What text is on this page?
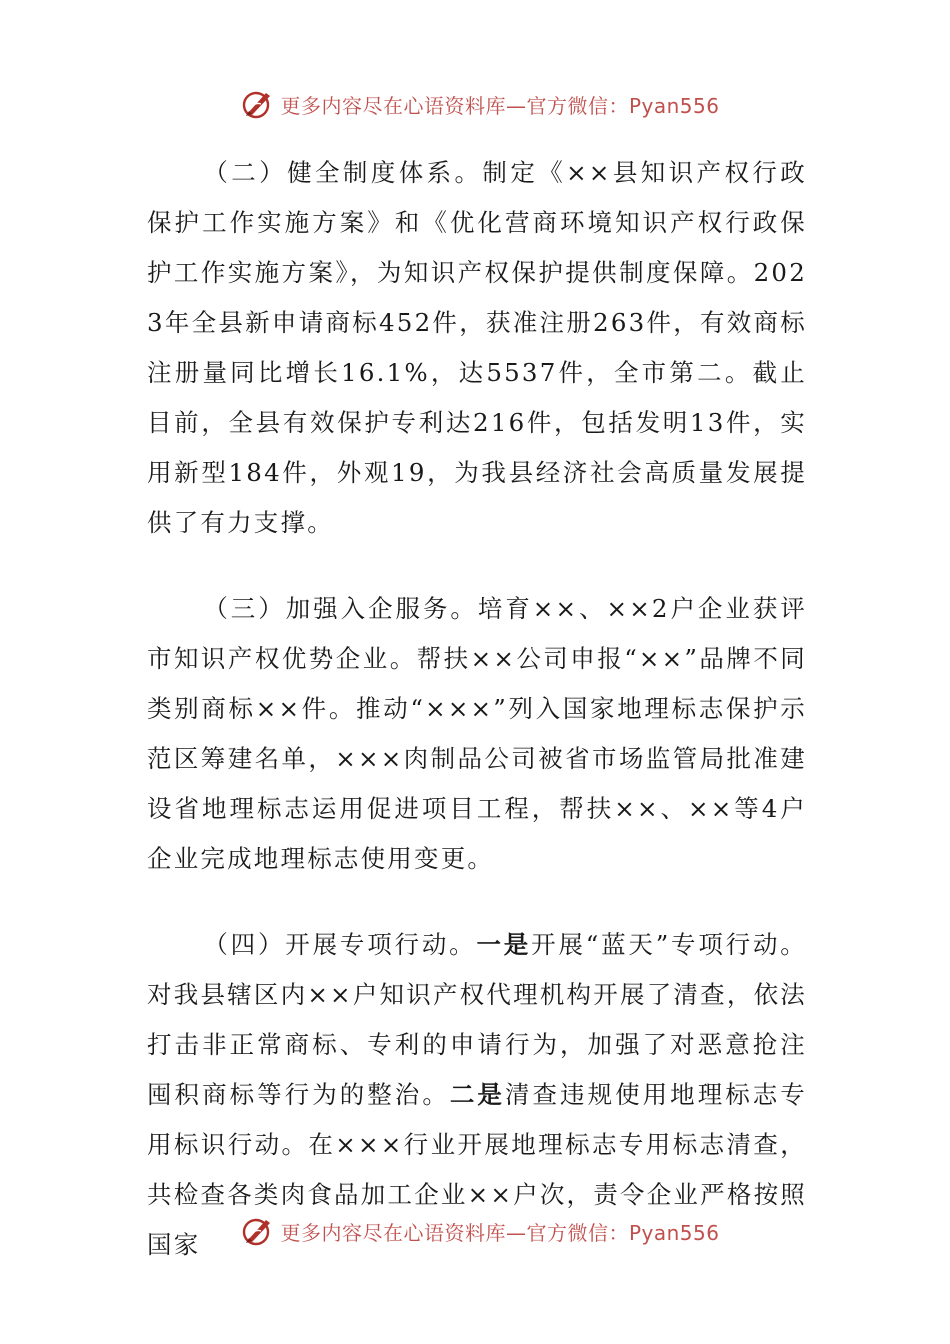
更多内容尽在心语资料库—官方微信：Pyan556

（二）健全制度体系。制定《××县知识产权行政保护工作实施方案》和《优化营商环境知识产权行政保护工作实施方案》，为知识产权保护提供制度保障。2023年全县新申请商标452件，获准注册263件，有效商标注册量同比增长16.1%，达5537件，全市第二。截止目前，全县有效保护专利达216件，包括发明13件，实用新型184件，外观19，为我县经济社会高质量发展提供了有力支撑。

（三）加强入企服务。培育××、××2户企业获评市知识产权优势企业。帮扶××公司申报“××”品牌不同类别商标××件。推动“×××”列入国家地理标志保护示范区筹建名单，×××肉制品公司被省市场监管局批准建设省地理标志运用促进项目工程，帮扶××、××等4户企业完成地理标志使用变更。

（四）开展专项行动。一是开展“蓝天”专项行动。对我县辖区内××户知识产权代理机构开展了清查，依法打击非正常商标、专利的申请行为，加强了对恶意抢注囤积商标等行为的整治。二是清查违规使用地理标志专用标识行动。在×××行业开展地理标志专用标志清查，共检查各类肉食品加工企业××户次，责令企业严格按照国家	更多内容尽在心语资料库—官方微信：Pyan556
